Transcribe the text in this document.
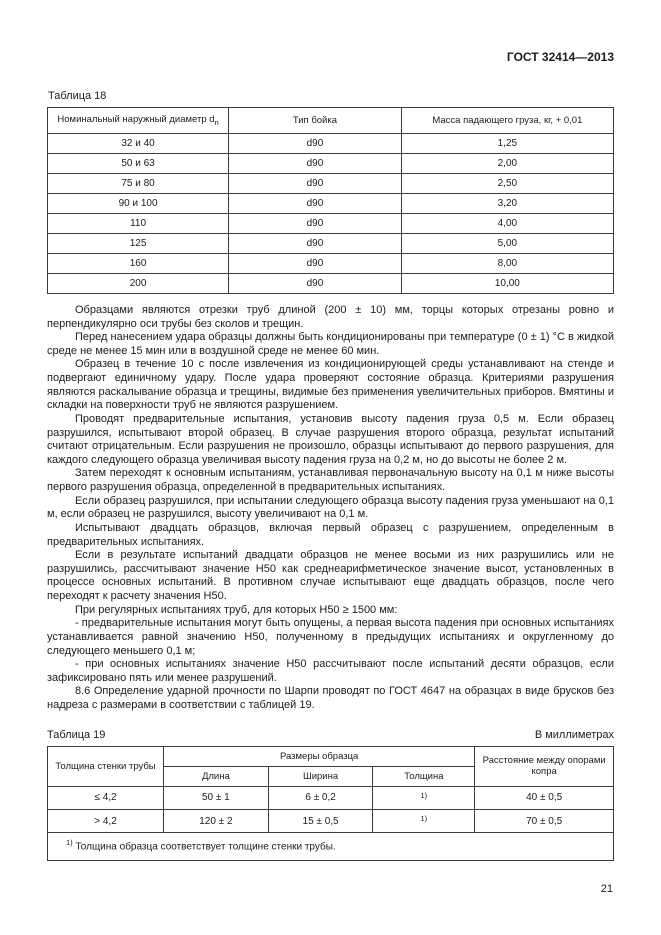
ГОСТ 32414—2013
Таблица 18
Номинальный наружный диаметр $d_n$	Тип бойка	Масса падающего груза, кг, + 0,01
32 и 40	d90	1,25
50 и 63	d90	2,00
75 и 80	d90	2,50
90 и 100	d90	3,20
110	d90	4,00
125	d90	5,00
160	d90	8,00
200	d90	10,00

Образцами являются отрезки труб длиной (200 ± 10) мм, торцы которых отрезаны ровно и перпендикулярно оси трубы без сколов и трещин.

Перед нанесением удара образцы должны быть кондиционированы при температуре (0 ± 1) °С в жидкой среде не менее 15 мин или в воздушной среде не менее 60 мин.

Образец в течение 10 с после извлечения из кондиционирующей среды устанавливают на стенде и подвергают единичному удару. После удара проверяют состояние образца. Критериями разрушения являются раскалывание образца и трещины, видимые без применения увеличительных приборов. Вмятины и складки на поверхности труб не являются разрушением.

Проводят предварительные испытания, установив высоту падения груза 0,5 м. Если образец разрушился, испытывают второй образец. В случае разрушения второго образца, результат испытаний считают отрицательным. Если разрушения не произошло, образцы испытывают до первого разрушения, для каждого следующего образца увеличивая высоту падения груза на 0,2 м, но до высоты не более 2 м.

Затем переходят к основным испытаниям, устанавливая первоначальную высоту на 0,1 м ниже высоты первого разрушения образца, определенной в предварительных испытаниях.

Если образец разрушился, при испытании следующего образца высоту падения груза уменьшают на 0,1 м, если образец не разрушился, высоту увеличивают на 0,1 м.

Испытывают двадцать образцов, включая первый образец с разрушением, определенным в предварительных испытаниях.

Если в результате испытаний двадцати образцов не менее восьми из них разрушились или не разрушились, рассчитывают значение Н50 как среднеарифметическое значение высот, установленных в процессе основных испытаний. В противном случае испытывают еще двадцать образцов, после чего переходят к расчету значения Н50.

При регулярных испытаниях труб, для которых Н50 ≥ 1500 мм:

- предварительные испытания могут быть опущены, а первая высота падения при основных испытаниях устанавливается равной значению Н50, полученному в предыдущих испытаниях и округленному до следующего меньшего 0,1 м;

- при основных испытаниях значение Н50 рассчитывают после испытаний десяти образцов, если зафиксировано пять или менее разрушений.

8.6 Определение ударной прочности по Шарпи проводят по ГОСТ 4647 на образцах в виде брусков без надреза с размерами в соответствии с таблицей 19.

Таблица 19	В миллиметрах
Толщина стенки трубы	Размеры образца			Расстояние между опорами копра
	Длина	Ширина	Толщина	
≤ 4,2	50 ± 1	6 ± 0,2	$^{1)}$	40 ± 0,5
> 4,2	120 ± 2	15 ± 0,5	$^{1)}$	70 ± 0,5
$^{1)}$ Толщина образца соответствует толщине стенки трубы.				
21
